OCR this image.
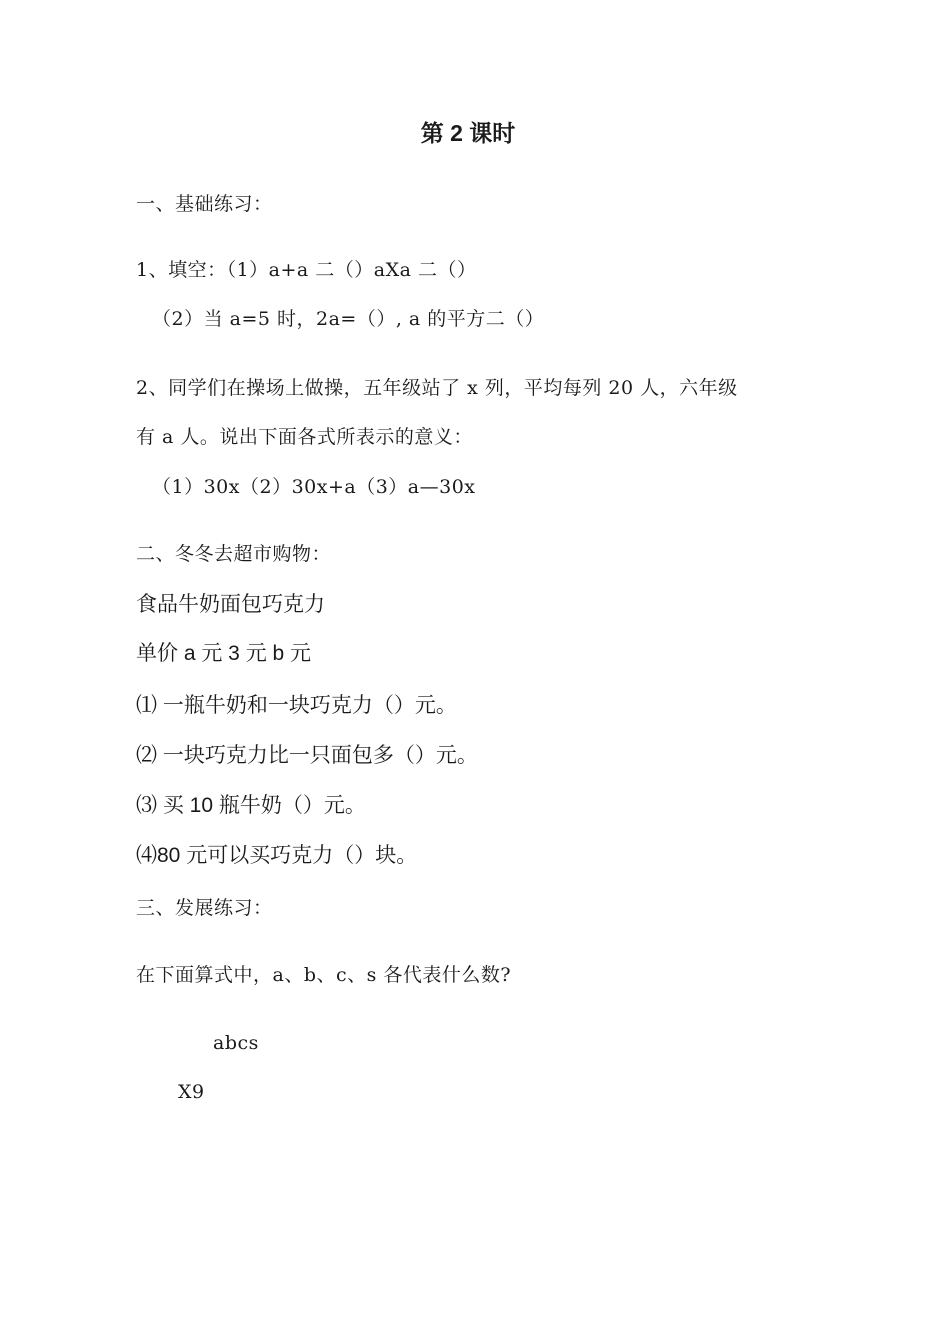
第 2 课时

一、基础练习：

1、填空：（1）a+a 二（）aXa 二（）

（2）当 a=5 时，2a=（）, a 的平方二（）

2、同学们在操场上做操，五年级站了 x 列，平均每列 20 人，六年级

有 a 人。说出下面各式所表示的意义：

（1）30x（2）30x+a（3）a—30x

二、冬冬去超市购物：

食品牛奶面包巧克力

单价 a 元 3 元 b 元

⑴ 一瓶牛奶和一块巧克力（）元。

⑵ 一块巧克力比一只面包多（）元。

⑶ 买 10 瓶牛奶（）元。

⑷80 元可以买巧克力（）块。

三、发展练习：

在下面算式中，a、b、c、s 各代表什么数?

abcs

X9
